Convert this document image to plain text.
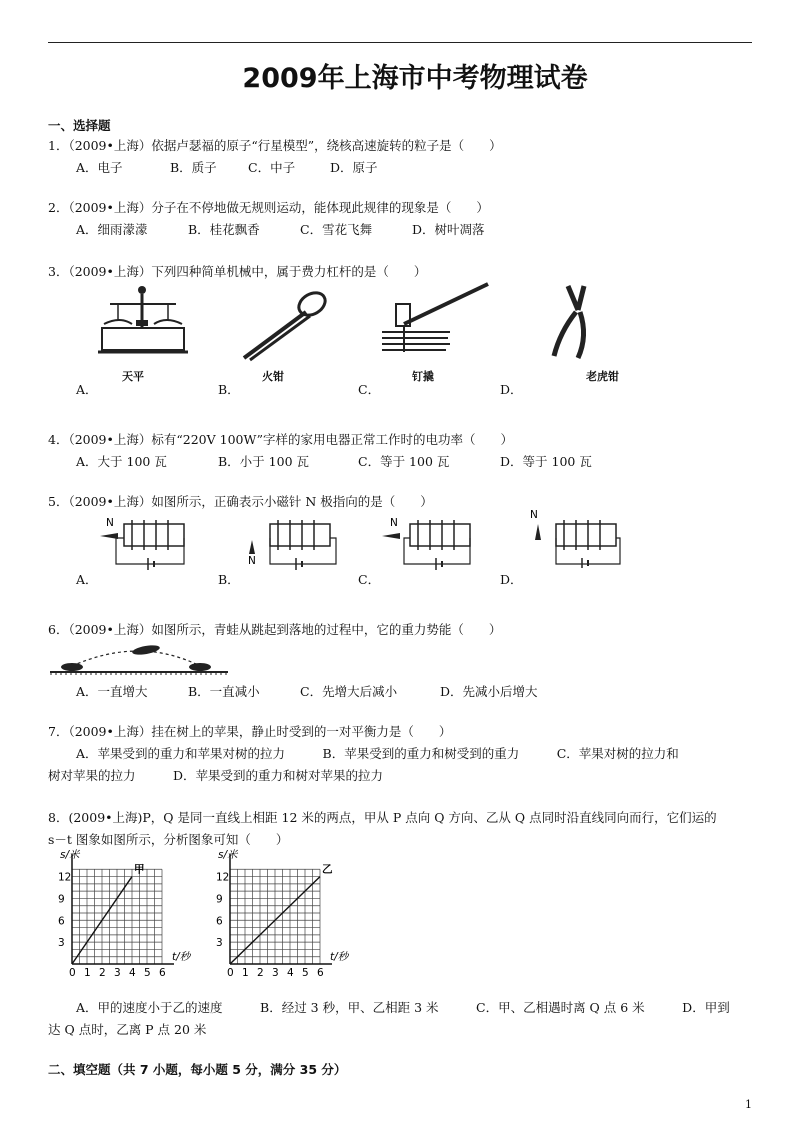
2009年上海市中考物理试卷
一、选择题
1．（2009•上海）依据卢瑟福的原子“行星模型”，绕核高速旋转的粒子是（　　）
A．电子	B．质子	C．中子	D．原子
2．（2009•上海）分子在不停地做无规则运动，能体现此规律的现象是（　　）
A．细雨濛濛	B．桂花飘香	C．雪花飞舞	D．树叶凋落
3．（2009•上海）下列四种简单机械中，属于费力杠杆的是（　　）
天平	火钳	钉撬	老虎钳
A．	B．	C．	D．
4．（2009•上海）标有“220V 100W”字样的家用电器正常工作时的电功率（　　）
A．大于 100 瓦	B．小于 100 瓦	C．等于 100 瓦	D．等于 100 瓦
5．（2009•上海）如图所示，正确表示小磁针 N 极指向的是（　　）
N
N
N
N
A．	B．	C．	D．
6．（2009•上海）如图所示，青蛙从跳起到落地的过程中，它的重力势能（　　）
A．一直增大	B．一直减小	C．先增大后减小	D．先减小后增大
7．（2009•上海）挂在树上的苹果，静止时受到的一对平衡力是（　　）
A．苹果受到的重力和苹果对树的拉力　　　B．苹果受到的重力和树受到的重力　　　C．苹果对树的拉力和
树对苹果的拉力　　　D．苹果受到的重力和树对苹果的拉力
8．(2009•上海)P，Q 是同一直线上相距 12 米的两点，甲从 P 点向 Q 方向、乙从 Q 点同时沿直线同向而行，它们运的
s－t 图象如图所示，分析图象可知（　　）
0 1 2 3 4 5 6
3
6
9
12
s/米
t/秒
甲
0 1 2 3 4 5 6
3
6
9
12
s/米
t/秒
乙
A．甲的速度小于乙的速度　　　B．经过 3 秒，甲、乙相距 3 米　　　C．甲、乙相遇时离 Q 点 6 米　　　D．甲到
达 Q 点时，乙离 P 点 20 米
二、填空题（共 7 小题，每小题 5 分，满分 35 分）
1
